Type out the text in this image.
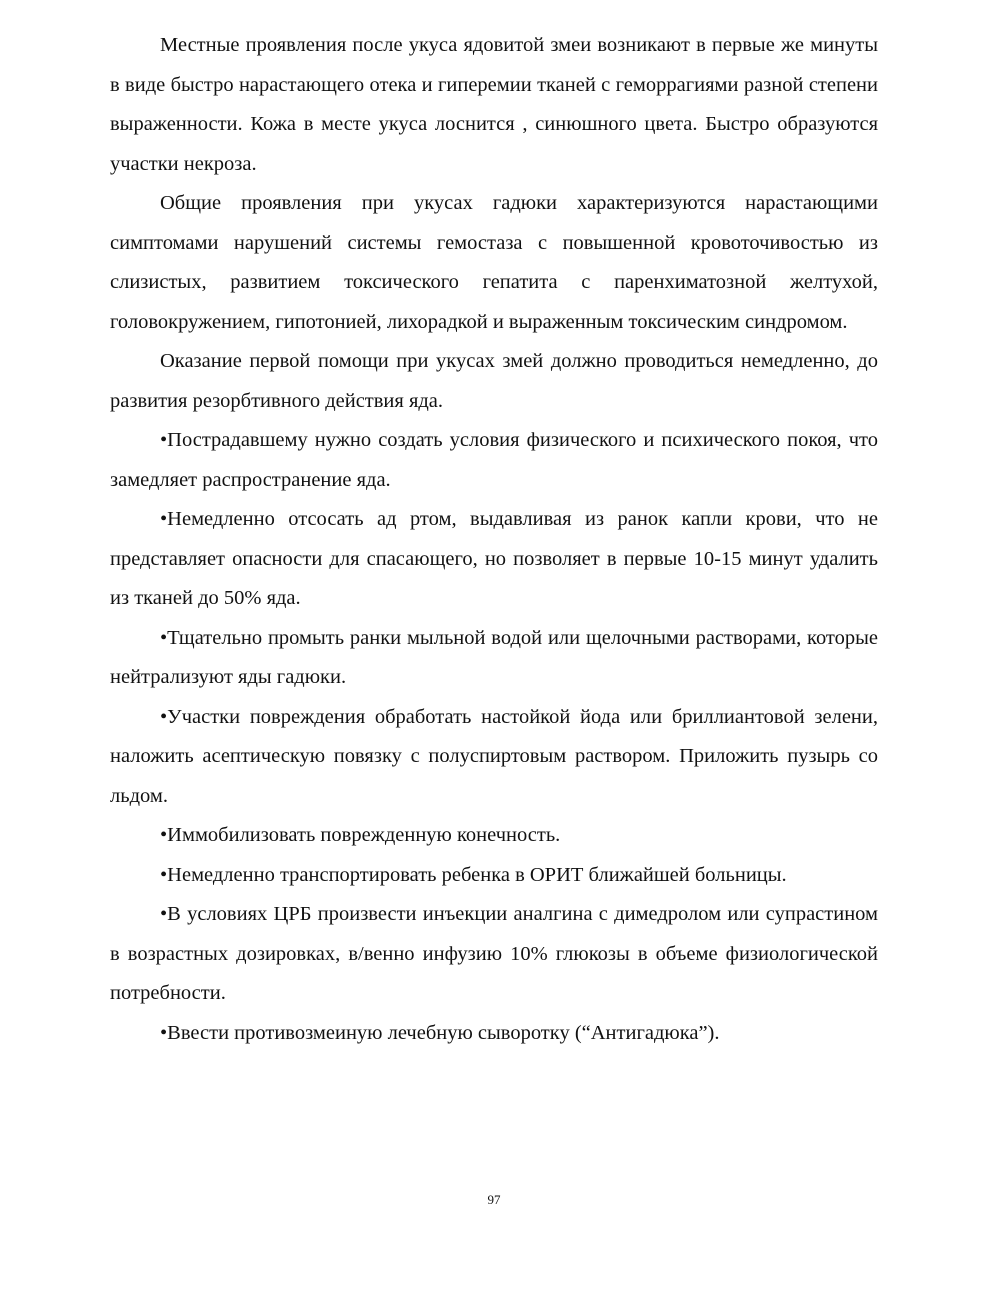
Местные проявления после укуса ядовитой змеи возникают в первые же минуты в виде быстро нарастающего отека и гиперемии тканей с геморрагиями разной степени выраженности. Кожа в месте укуса лоснится , синюшного цвета. Быстро образуются участки некроза.

Общие проявления при укусах гадюки характеризуются нарастающими симптомами нарушений системы гемостаза с повышенной кровоточивостью из слизистых, развитием токсического гепатита с паренхиматозной желтухой, головокружением, гипотонией, лихорадкой и выраженным токсическим синдромом.

Оказание первой помощи при укусах змей должно проводиться немедленно, до развития резорбтивного действия яда.

•Пострадавшему нужно создать условия физического и психического покоя, что замедляет распространение яда.

•Немедленно отсосать ад ртом, выдавливая из ранок капли крови, что не представляет опасности для спасающего, но позволяет в первые 10-15 минут удалить из тканей до 50% яда.

•Тщательно промыть ранки мыльной водой или щелочными растворами, которые нейтрализуют яды гадюки.

•Участки повреждения обработать настойкой йода или бриллиантовой зелени, наложить асептическую повязку с полуспиртовым раствором. Приложить пузырь со льдом.

•Иммобилизовать поврежденную конечность.

•Немедленно транспортировать ребенка в ОРИТ ближайшей больницы.

•В условиях ЦРБ произвести инъекции аналгина с димедролом или супрастином в возрастных дозировках, в/венно инфузию 10% глюкозы в объеме физиологической потребности.

•Ввести противозмеиную лечебную сыворотку (“Антигадюка”).

97
